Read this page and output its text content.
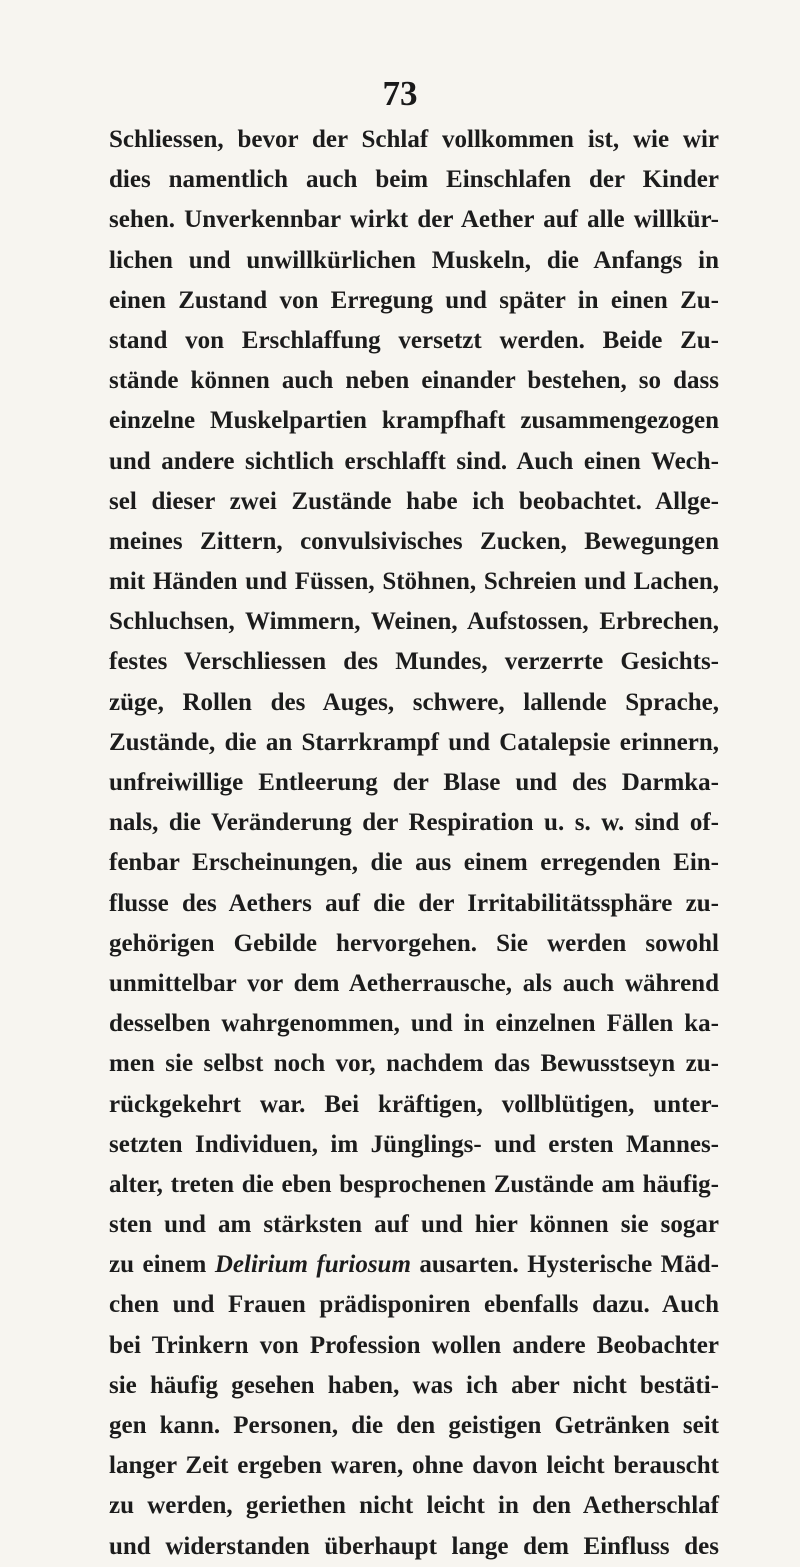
73
Schliessen, bevor der Schlaf vollkommen ist, wie wir
dies namentlich auch beim Einschlafen der Kinder
sehen. Unverkennbar wirkt der Aether auf alle willkür-
lichen und unwillkürlichen Muskeln, die Anfangs in
einen Zustand von Erregung und später in einen Zu-
stand von Erschlaffung versetzt werden. Beide Zu-
stände können auch neben einander bestehen, so dass
einzelne Muskelpartien krampfhaft zusammengezogen
und andere sichtlich erschlafft sind. Auch einen Wech-
sel dieser zwei Zustände habe ich beobachtet. Allge-
meines Zittern, convulsivisches Zucken, Bewegungen
mit Händen und Füssen, Stöhnen, Schreien und Lachen,
Schluchsen, Wimmern, Weinen, Aufstossen, Erbrechen,
festes Verschliessen des Mundes, verzerrte Gesichts-
züge, Rollen des Auges, schwere, lallende Sprache,
Zustände, die an Starrkrampf und Catalepsie erinnern,
unfreiwillige Entleerung der Blase und des Darmka-
nals, die Veränderung der Respiration u. s. w. sind of-
fenbar Erscheinungen, die aus einem erregenden Ein-
flusse des Aethers auf die der Irritabilitätssphäre zu-
gehörigen Gebilde hervorgehen. Sie werden sowohl
unmittelbar vor dem Aetherrausche, als auch während
desselben wahrgenommen, und in einzelnen Fällen ka-
men sie selbst noch vor, nachdem das Bewusstseyn zu-
rückgekehrt war. Bei kräftigen, vollblütigen, unter-
setzten Individuen, im Jünglings- und ersten Mannes-
alter, treten die eben besprochenen Zustände am häufig-
sten und am stärksten auf und hier können sie sogar
zu einem Delirium furiosum ausarten. Hysterische Mäd-
chen und Frauen prädisponiren ebenfalls dazu. Auch
bei Trinkern von Profession wollen andere Beobachter
sie häufig gesehen haben, was ich aber nicht bestäti-
gen kann. Personen, die den geistigen Getränken seit
langer Zeit ergeben waren, ohne davon leicht berauscht
zu werden, geriethen nicht leicht in den Aetherschlaf
und widerstanden überhaupt lange dem Einfluss des
